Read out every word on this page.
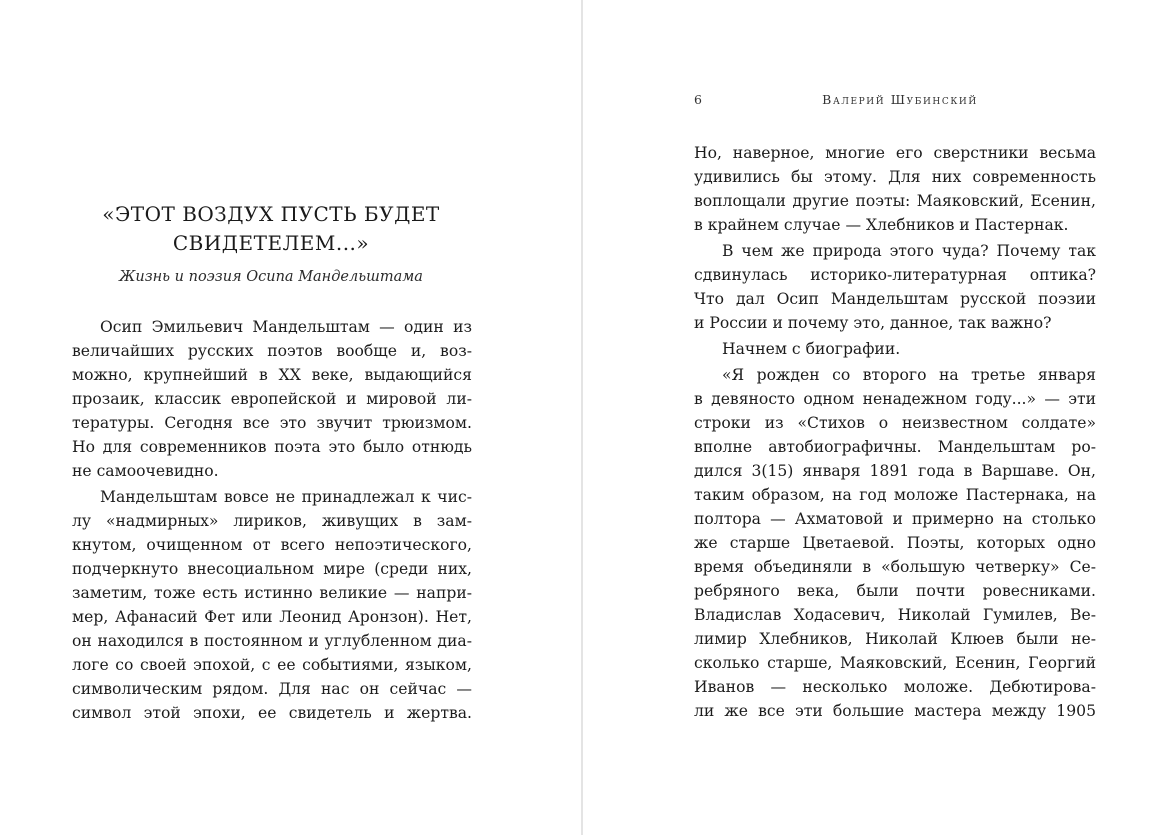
«ЭТОТ ВОЗДУХ ПУСТЬ БУДЕТ
СВИДЕТЕЛЕМ...»
Жизнь и поэзия Осипа Мандельштама
Осип Эмильевич Мандельштам — один из
величайших русских поэтов вообще и, воз-
можно, крупнейший в XX веке, выдающийся
прозаик, классик европейской и мировой ли-
тературы. Сегодня все это звучит трюизмом.
Но для современников поэта это было отнюдь
не самоочевидно.
Мандельштам вовсе не принадлежал к чис-
лу «надмирных» лириков, живущих в зам-
кнутом, очищенном от всего непоэтического,
подчеркнуто внесоциальном мире (среди них,
заметим, тоже есть истинно великие — напри-
мер, Афанасий Фет или Леонид Аронзон). Нет,
он находился в постоянном и углубленном диа-
логе со своей эпохой, с ее событиями, языком,
символическим рядом. Для нас он сейчас —
символ этой эпохи, ее свидетель и жертва.
6	Валерий Шубинский
Но, наверное, многие его сверстники весьма
удивились бы этому. Для них современность
воплощали другие поэты: Маяковский, Есенин,
в крайнем случае — Хлебников и Пастернак.
В чем же природа этого чуда? Почему так
сдвинулась историко-литературная оптика?
Что дал Осип Мандельштам русской поэзии
и России и почему это, данное, так важно?
Начнем с биографии.
«Я рожден со второго на третье января
в девяносто одном ненадежном году...» — эти
строки из «Стихов о неизвестном солдате»
вполне автобиографичны. Мандельштам ро-
дился 3(15) января 1891 года в Варшаве. Он,
таким образом, на год моложе Пастернака, на
полтора — Ахматовой и примерно на столько
же старше Цветаевой. Поэты, которых одно
время объединяли в «большую четверку» Се-
ребряного века, были почти ровесниками.
Владислав Ходасевич, Николай Гумилев, Ве-
лимир Хлебников, Николай Клюев были не-
сколько старше, Маяковский, Есенин, Георгий
Иванов — несколько моложе. Дебютирова-
ли же все эти большие мастера между 1905
